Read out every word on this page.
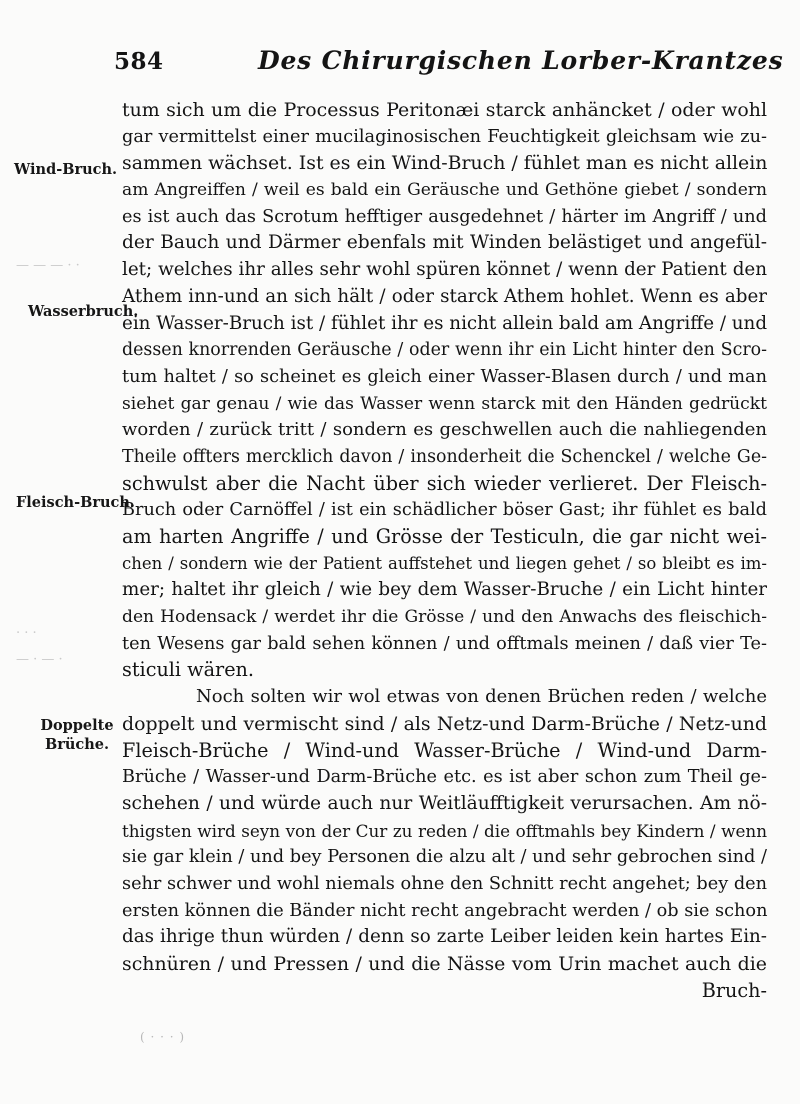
— — — · ·
. . .
— · — ·
584	Des Chirurgischen Lorber-Krantzes
Wind-Bruch.
Wasserbruch.
Fleisch-Bruch.
Doppelte Brüche.
tum sich um die Processus Peritonæi starck anhäncket / oder wohl
gar vermittelst einer mucilaginosischen Feuchtigkeit gleichsam wie zu-
sammen wächset. Ist es ein Wind-Bruch / fühlet man es nicht allein
am Angreiffen / weil es bald ein Geräusche und Gethöne giebet / sondern
es ist auch das Scrotum hefftiger ausgedehnet / härter im Angriff / und
der Bauch und Därmer ebenfals mit Winden belästiget und angefül-
let; welches ihr alles sehr wohl spüren könnet / wenn der Patient den
Athem inn-und an sich hält / oder starck Athem hohlet. Wenn es aber
ein Wasser-Bruch ist / fühlet ihr es nicht allein bald am Angriffe / und
dessen knorrenden Geräusche / oder wenn ihr ein Licht hinter den Scro-
tum haltet / so scheinet es gleich einer Wasser-Blasen durch / und man
siehet gar genau / wie das Wasser wenn starck mit den Händen gedrückt
worden / zurück tritt / sondern es geschwellen auch die nahliegenden
Theile offters mercklich davon / insonderheit die Schenckel / welche Ge-
schwulst aber die Nacht über sich wieder verlieret. Der Fleisch-
Bruch oder Carnöffel / ist ein schädlicher böser Gast; ihr fühlet es bald
am harten Angriffe / und Grösse der Testiculn, die gar nicht wei-
chen / sondern wie der Patient auffstehet und liegen gehet / so bleibt es im-
mer; haltet ihr gleich / wie bey dem Wasser-Bruche / ein Licht hinter
den Hodensack / werdet ihr die Grösse / und den Anwachs des fleischich-
ten Wesens gar bald sehen können / und offtmals meinen / daß vier Te-
sticuli wären.
Noch solten wir wol etwas von denen Brüchen reden / welche
doppelt und vermischt sind / als Netz-und Darm-Brüche / Netz-und
Fleisch-Brüche / Wind-und Wasser-Brüche / Wind-und Darm-
Brüche / Wasser-und Darm-Brüche etc. es ist aber schon zum Theil ge-
schehen / und würde auch nur Weitläufftigkeit verursachen. Am nö-
thigsten wird seyn von der Cur zu reden / die offtmahls bey Kindern / wenn
sie gar klein / und bey Personen die alzu alt / und sehr gebrochen sind /
sehr schwer und wohl niemals ohne den Schnitt recht angehet; bey den
ersten können die Bänder nicht recht angebracht werden / ob sie schon
das ihrige thun würden / denn so zarte Leiber leiden kein hartes Ein-
schnüren / und Pressen / und die Nässe vom Urin machet auch die
Bruch-
( · · · )
